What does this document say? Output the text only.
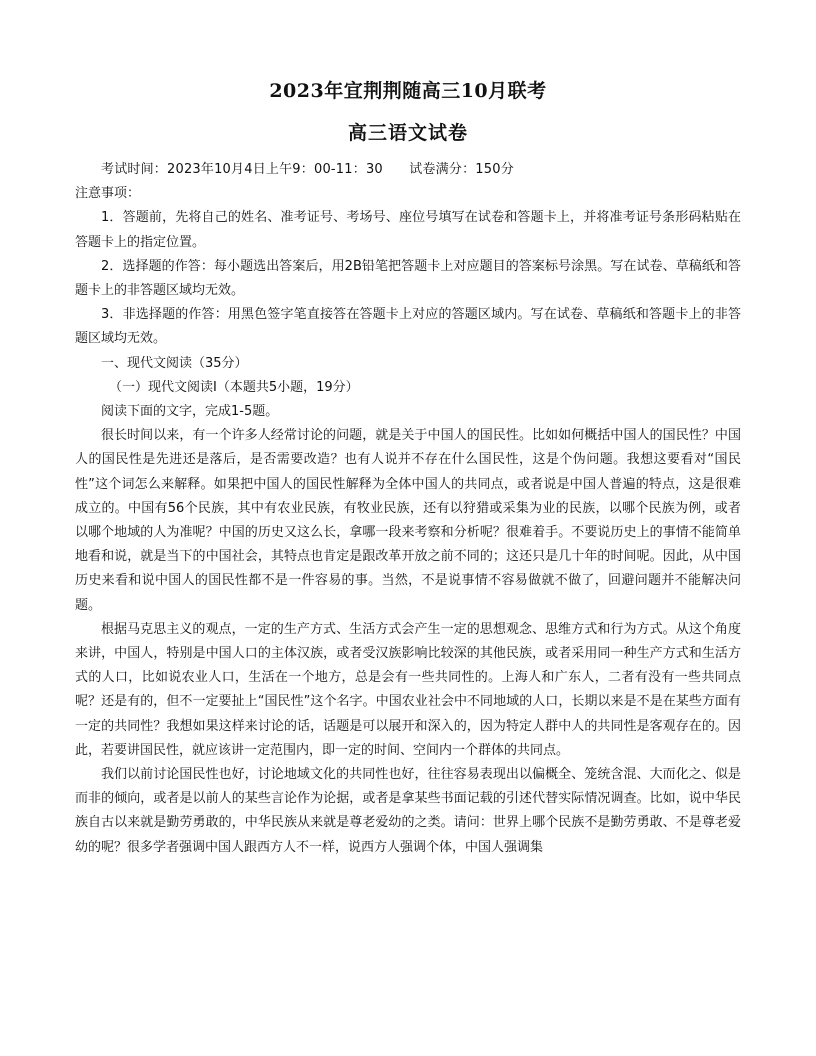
2023年宜荆荆随高三10月联考
高三语文试卷

考试时间：2023年10月4日上午9：00-11：30　　试卷满分：150分

注意事项：

1．答题前，先将自己的姓名、准考证号、考场号、座位号填写在试卷和答题卡上，并将准考证号条形码粘贴在答题卡上的指定位置。

2．选择题的作答：每小题选出答案后，用2B铅笔把答题卡上对应题目的答案标号涂黑。写在试卷、草稿纸和答题卡上的非答题区域均无效。

3．非选择题的作答：用黑色签字笔直接答在答题卡上对应的答题区域内。写在试卷、草稿纸和答题卡上的非答题区域均无效。

一、现代文阅读（35分）

（一）现代文阅读I（本题共5小题，19分）

阅读下面的文字，完成1-5题。

很长时间以来，有一个许多人经常讨论的问题，就是关于中国人的国民性。比如如何概括中国人的国民性？中国人的国民性是先进还是落后，是否需要改造？也有人说并不存在什么国民性，这是个伪问题。我想这要看对“国民性”这个词怎么来解释。如果把中国人的国民性解释为全体中国人的共同点，或者说是中国人普遍的特点，这是很难成立的。中国有56个民族，其中有农业民族，有牧业民族，还有以狩猎或采集为业的民族，以哪个民族为例，或者以哪个地域的人为准呢？中国的历史又这么长，拿哪一段来考察和分析呢？很难着手。不要说历史上的事情不能简单地看和说，就是当下的中国社会，其特点也肯定是跟改革开放之前不同的；这还只是几十年的时间呢。因此，从中国历史来看和说中国人的国民性都不是一件容易的事。当然，不是说事情不容易做就不做了，回避问题并不能解决问题。

根据马克思主义的观点，一定的生产方式、生活方式会产生一定的思想观念、思维方式和行为方式。从这个角度来讲，中国人，特别是中国人口的主体汉族，或者受汉族影响比较深的其他民族，或者采用同一种生产方式和生活方式的人口，比如说农业人口，生活在一个地方，总是会有一些共同性的。上海人和广东人，二者有没有一些共同点呢？还是有的，但不一定要扯上“国民性”这个名字。中国农业社会中不同地域的人口，长期以来是不是在某些方面有一定的共同性？我想如果这样来讨论的话，话题是可以展开和深入的，因为特定人群中人的共同性是客观存在的。因此，若要讲国民性，就应该讲一定范围内，即一定的时间、空间内一个群体的共同点。

我们以前讨论国民性也好，讨论地域文化的共同性也好，往往容易表现出以偏概全、笼统含混、大而化之、似是而非的倾向，或者是以前人的某些言论作为论据，或者是拿某些书面记载的引述代替实际情况调查。比如，说中华民族自古以来就是勤劳勇敢的，中华民族从来就是尊老爱幼的之类。请问：世界上哪个民族不是勤劳勇敢、不是尊老爱幼的呢？很多学者强调中国人跟西方人不一样，说西方人强调个体，中国人强调集
